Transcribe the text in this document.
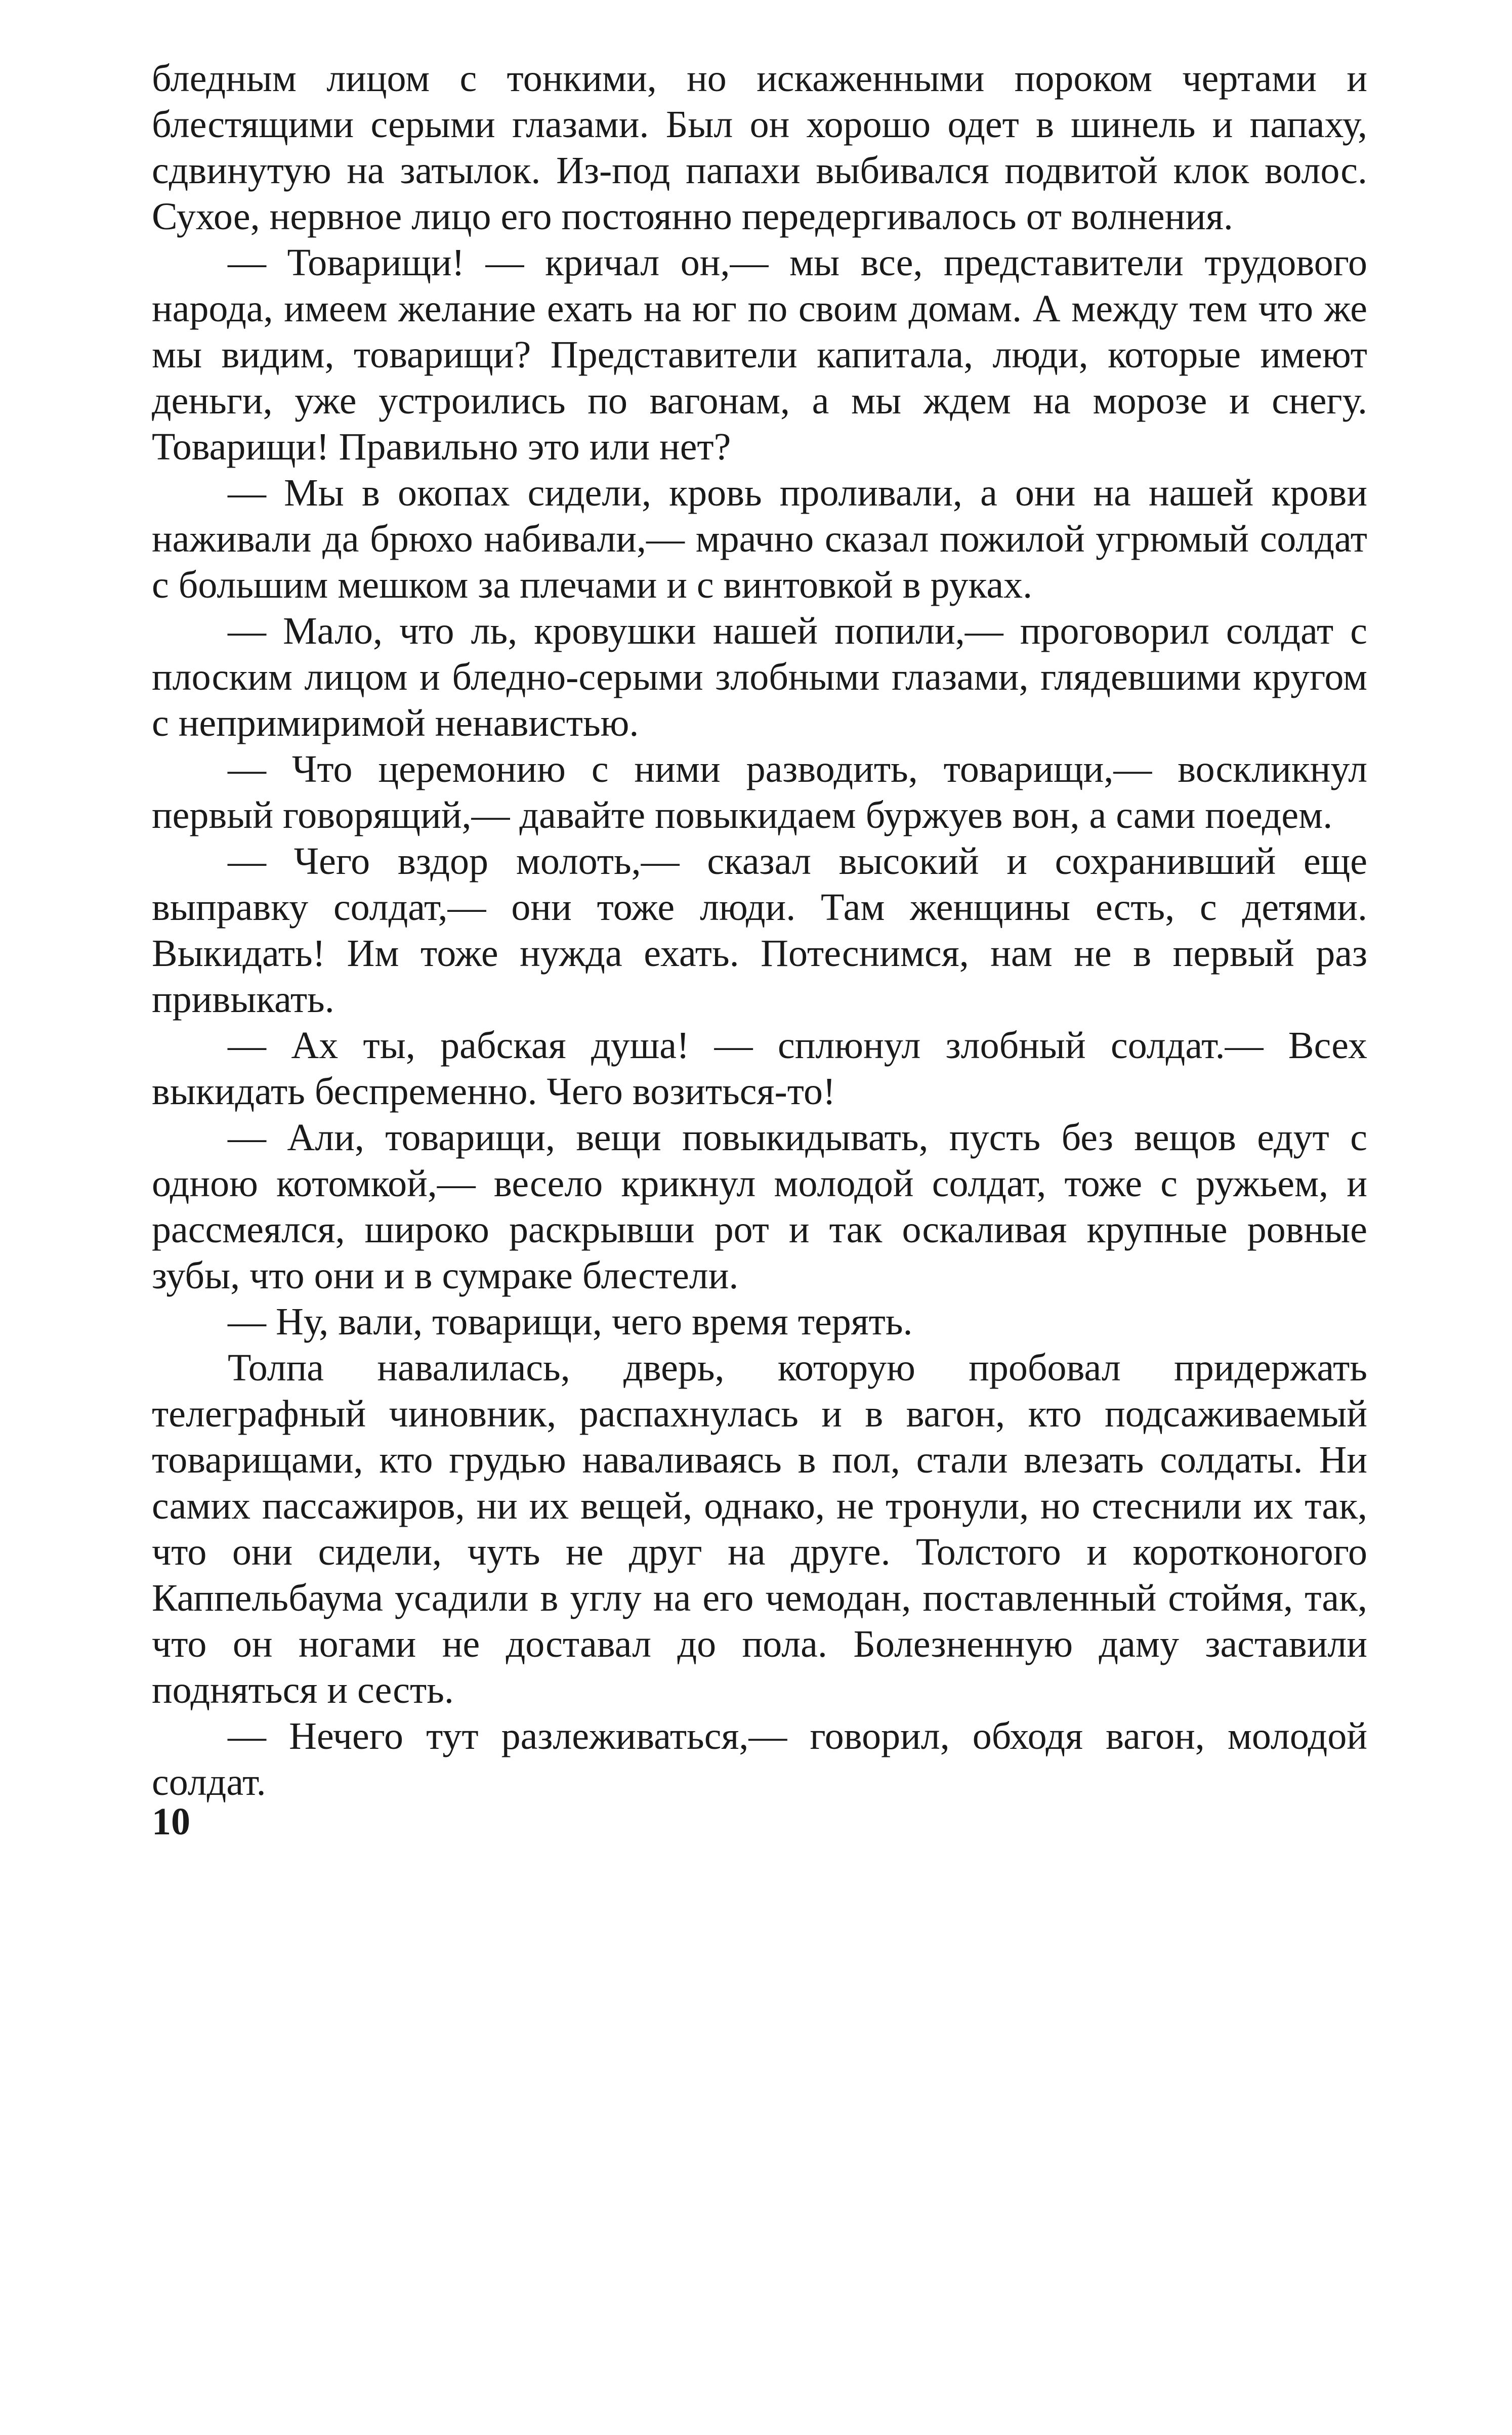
бледным лицом с тонкими, но искаженными пороком чертами и блестящими серыми глазами. Был он хорошо одет в шинель и папаху, сдвинутую на затылок. Из-под папахи выбивался подвитой клок волос. Сухое, нервное лицо его постоянно передергивалось от волнения.

— Товарищи! — кричал он,— мы все, представители трудового народа, имеем желание ехать на юг по своим домам. А между тем что же мы видим, товарищи? Представители капитала, люди, которые имеют деньги, уже устроились по вагонам, а мы ждем на морозе и снегу. Товарищи! Правильно это или нет?

— Мы в окопах сидели, кровь проливали, а они на нашей крови наживали да брюхо набивали,— мрачно сказал пожилой угрюмый солдат с большим мешком за плечами и с винтовкой в руках.

— Мало, что ль, кровушки нашей попили,— проговорил солдат с плоским лицом и бледно-серыми злобными глазами, глядевшими кругом с непримиримой ненавистью.

— Что церемонию с ними разводить, товарищи,— воскликнул первый говорящий,— давайте повыкидаем буржуев вон, а сами поедем.

— Чего вздор молоть,— сказал высокий и сохранивший еще выправку солдат,— они тоже люди. Там женщины есть, с детями. Выкидать! Им тоже нужда ехать. Потеснимся, нам не в первый раз привыкать.

— Ах ты, рабская душа! — сплюнул злобный солдат.— Всех выкидать беспременно. Чего возиться-то!

— Али, товарищи, вещи повыкидывать, пусть без вещов едут с одною котомкой,— весело крикнул молодой солдат, тоже с ружьем, и рассмеялся, широко раскрывши рот и так оскаливая крупные ровные зубы, что они и в сумраке блестели.

— Ну, вали, товарищи, чего время терять.

Толпа навалилась, дверь, которую пробовал придержать телеграфный чиновник, распахнулась и в вагон, кто подсаживаемый товарищами, кто грудью наваливаясь в пол, стали влезать солдаты. Ни самих пассажиров, ни их вещей, однако, не тронули, но стеснили их так, что они сидели, чуть не друг на друге. Толстого и коротконогого Каппельбаума усадили в углу на его чемодан, поставленный стоймя, так, что он ногами не доставал до пола. Болезненную даму заставили подняться и сесть.

— Нечего тут разлеживаться,— говорил, обходя вагон, молодой солдат.

10
